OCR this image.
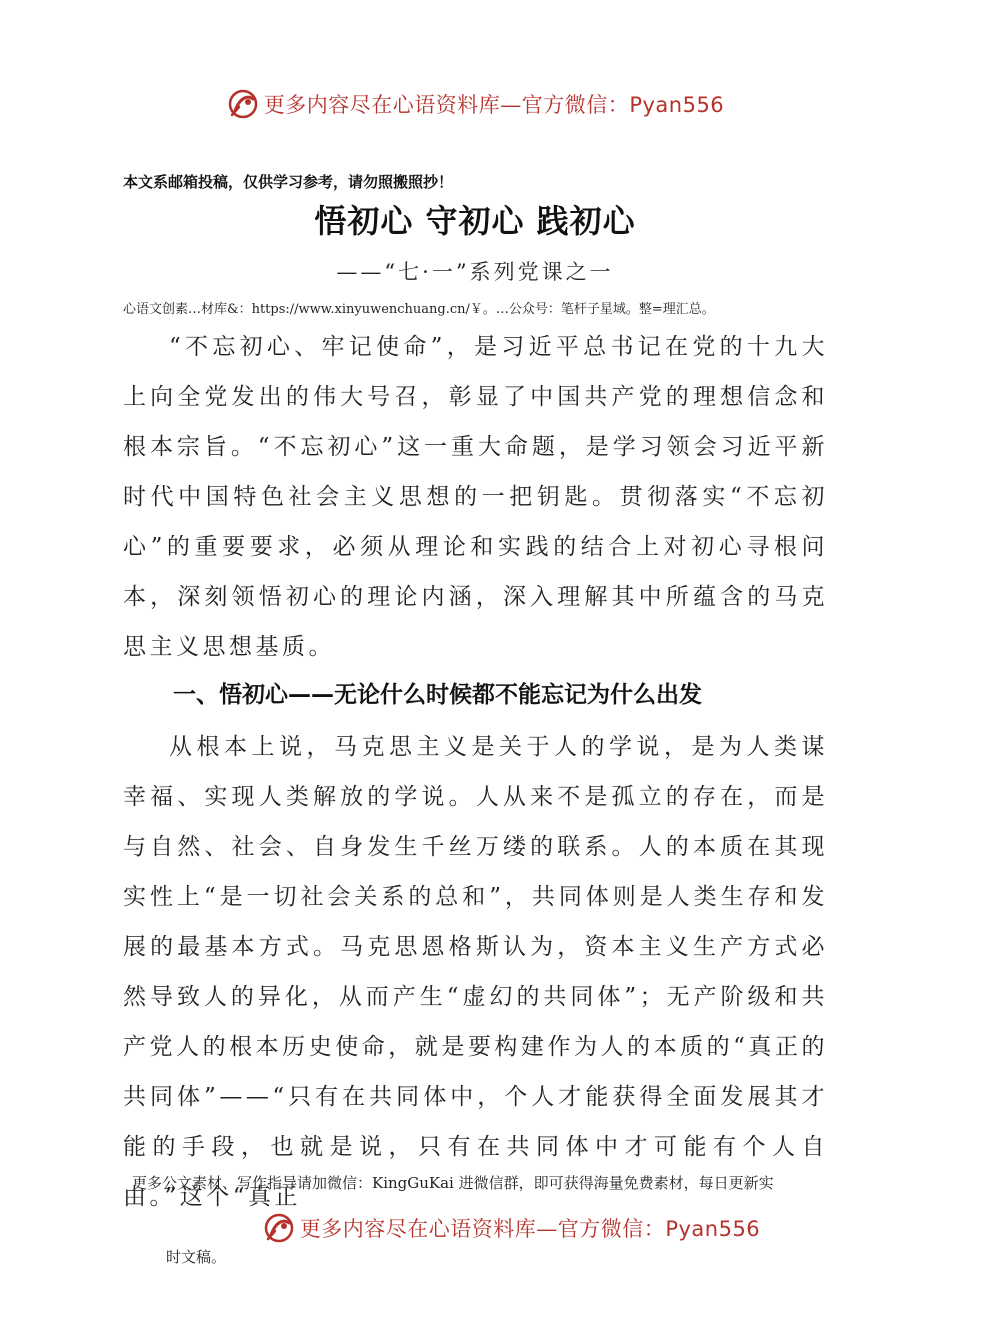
更多内容尽在心语资料库—官方微信：Pyan556
本文系邮箱投稿，仅供学习参考，请勿照搬照抄！
悟初心 守初心 践初心
——“七·一”系列党课之一
心语文创素…材库&：https://www.xinyuwenchuang.cn/￥。…公众号：笔杆子星域。整=理汇总。

“不忘初心、牢记使命”，是习近平总书记在党的十九大上向全党发出的伟大号召，彰显了中国共产党的理想信念和根本宗旨。“不忘初心”这一重大命题，是学习领会习近平新时代中国特色社会主义思想的一把钥匙。贯彻落实“不忘初心”的重要要求，必须从理论和实践的结合上对初心寻根问本，深刻领悟初心的理论内涵，深入理解其中所蕴含的马克思主义思想基质。

一、悟初心——无论什么时候都不能忘记为什么出发

从根本上说，马克思主义是关于人的学说，是为人类谋幸福、实现人类解放的学说。人从来不是孤立的存在，而是与自然、社会、自身发生千丝万缕的联系。人的本质在其现实性上“是一切社会关系的总和”，共同体则是人类生存和发展的最基本方式。马克思恩格斯认为，资本主义生产方式必然导致人的异化，从而产生“虚幻的共同体”；无产阶级和共产党人的根本历史使命，就是要构建作为人的本质的“真正的共同体”——“只有在共同体中，个人才能获得全面发展其才能的手段，也就是说，只有在共同体中才可能有个人自由。”这个“真正

更多公文素材、写作指导请加微信：KingGuKai 进微信群，即可获得海量免费素材，每日更新实
更多内容尽在心语资料库—官方微信：Pyan556
时文稿。
